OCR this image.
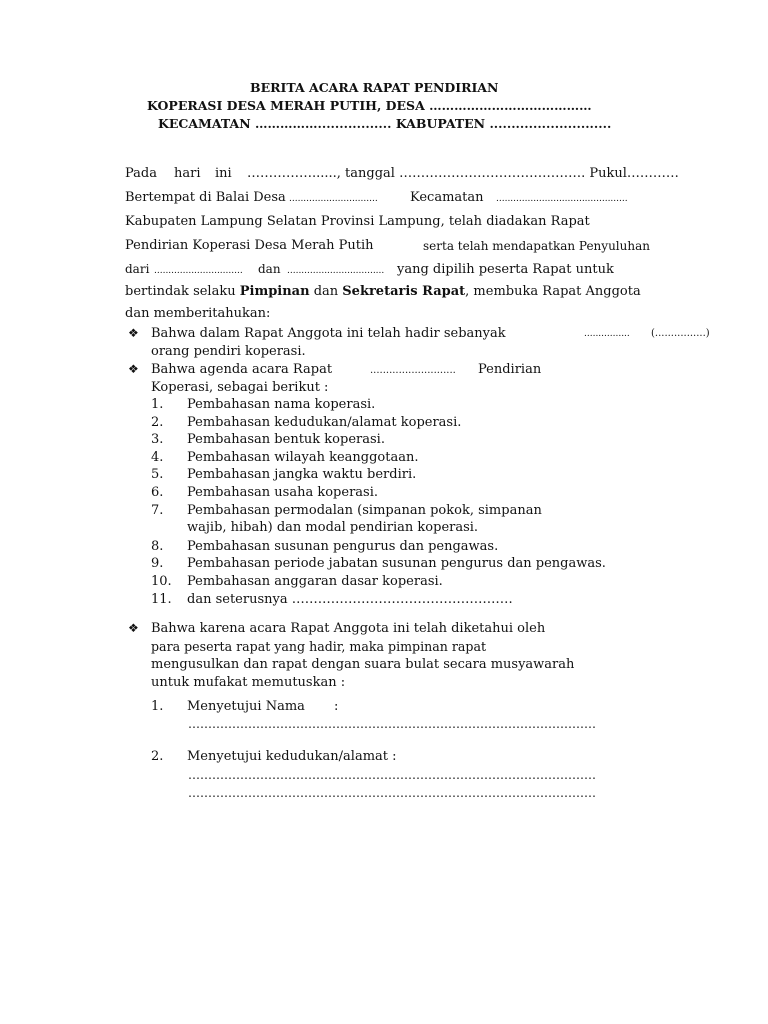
BERITA ACARA RAPAT PENDIRIAN
KOPERASI DESA MERAH PUTIH, DESA …………………………………
KECAMATAN ……………................. KABUPATEN ............................
Pada hari ini ……………......, tanggal ……………………………………. Pukul…………
Bertempat di Balai Desa ............................... Kecamatan ..............................................
Kabupaten Lampung Selatan Provinsi Lampung, telah diadakan Rapat
Pendirian Koperasi Desa Merah Putih	serta telah mendapatkan Penyuluhan
dari ............................... dan .................................. yang dipilih peserta Rapat untuk
bertindak selaku Pimpinan dan Sekretaris Rapat, membuka Rapat Anggota
dan memberitahukan:
❖ Bahwa dalam Rapat Anggota ini telah hadir sebanyak	................ (................)
orang pendiri koperasi.
❖ Bahwa agenda acara Rapat	........................... Pendirian
Koperasi, sebagai berikut :
1. Pembahasan nama koperasi.
2. Pembahasan kedudukan/alamat koperasi.
3. Pembahasan bentuk koperasi.
4. Pembahasan wilayah keanggotaan.
5. Pembahasan jangka waktu berdiri.
6. Pembahasan usaha koperasi.
7. Pembahasan permodalan (simpanan pokok, simpanan
wajib, hibah) dan modal pendirian koperasi.
8. Pembahasan susunan pengurus dan pengawas.
9. Pembahasan periode jabatan susunan pengurus dan pengawas.
10. Pembahasan anggaran dasar koperasi.
11. dan seterusnya ……………………………………………
❖ Bahwa karena acara Rapat Anggota ini telah diketahui oleh
para peserta rapat yang hadir, maka pimpinan rapat
mengusulkan dan rapat dengan suara bulat secara musyawarah
untuk mufakat memutuskan :
1. Menyetujui Nama :
…………………………………………………………………………………………
2. Menyetujui kedudukan/alamat :
…………………………………………………………………………………………
…………………………………………………………………………………………
